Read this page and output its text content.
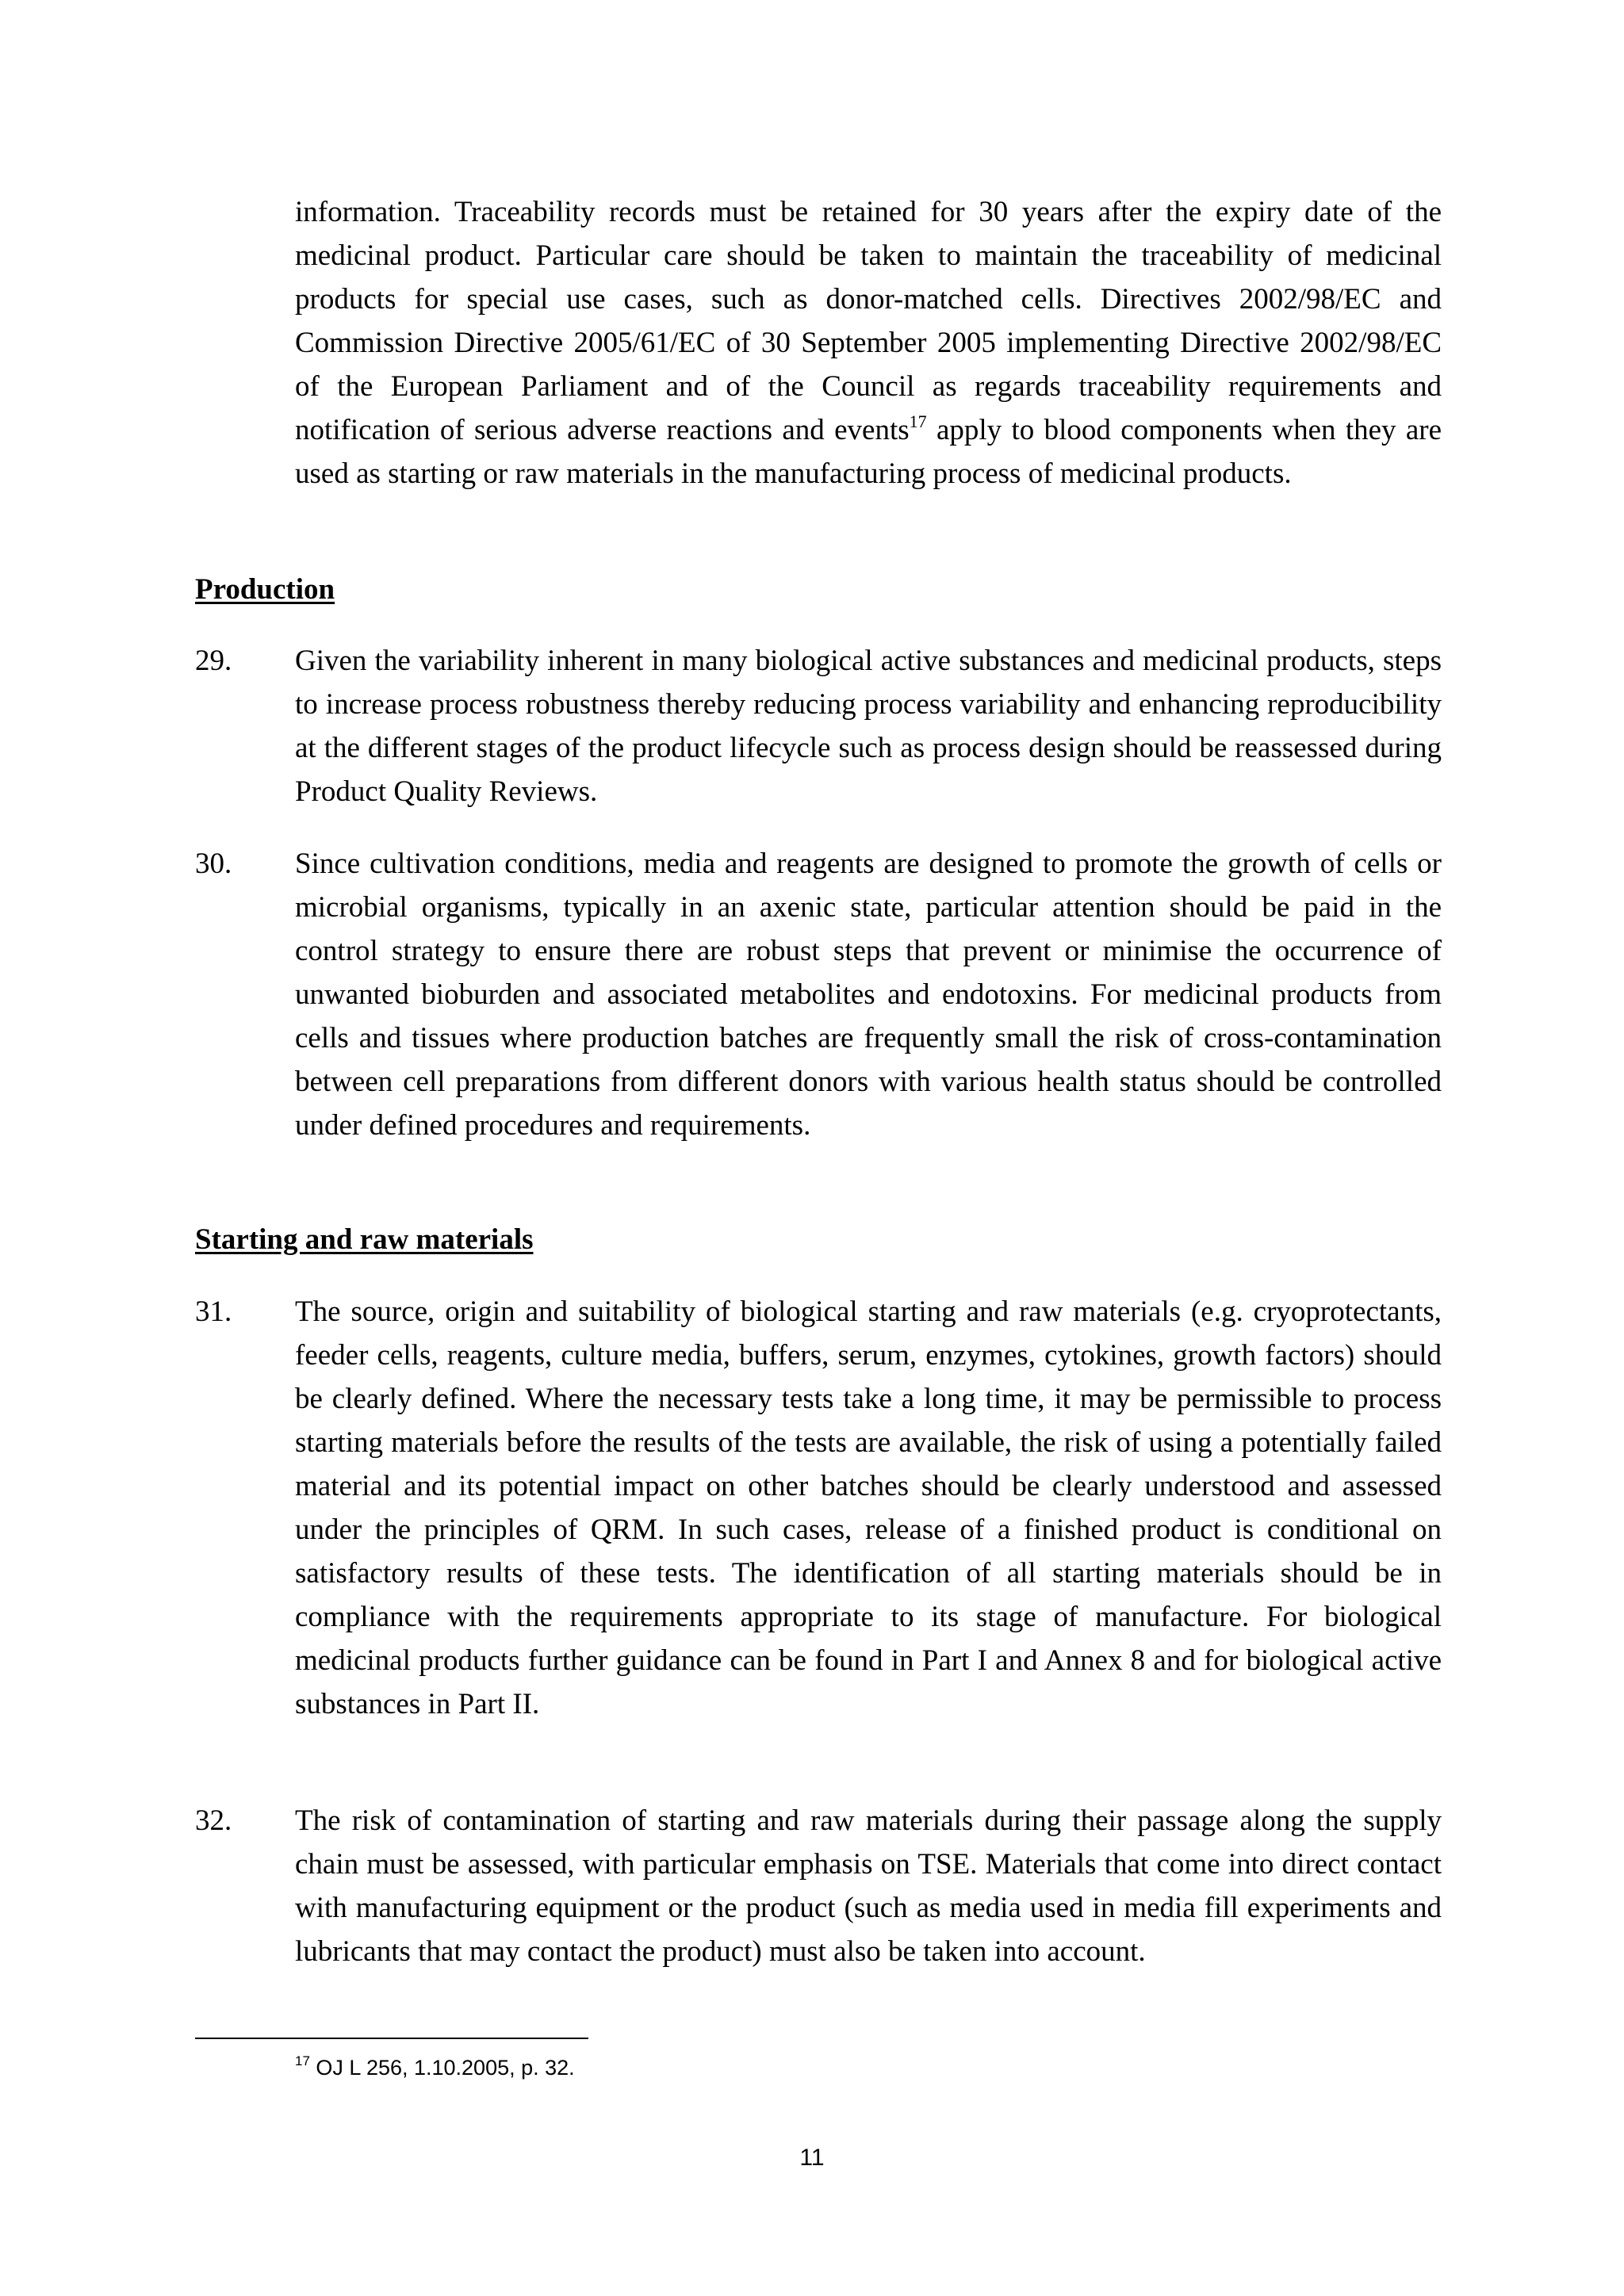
information. Traceability records must be retained for 30 years after the expiry date of the medicinal product. Particular care should be taken to maintain the traceability of medicinal products for special use cases, such as donor-matched cells. Directives 2002/98/EC and Commission Directive 2005/61/EC of 30 September 2005 implementing Directive 2002/98/EC of the European Parliament and of the Council as regards traceability requirements and notification of serious adverse reactions and events$^{17}$ apply to blood components when they are used as starting or raw materials in the manufacturing process of medicinal products.

Production

29. Given the variability inherent in many biological active substances and medicinal products, steps to increase process robustness thereby reducing process variability and enhancing reproducibility at the different stages of the product lifecycle such as process design should be reassessed during Product Quality Reviews.

30. Since cultivation conditions, media and reagents are designed to promote the growth of cells or microbial organisms, typically in an axenic state, particular attention should be paid in the control strategy to ensure there are robust steps that prevent or minimise the occurrence of unwanted bioburden and associated metabolites and endotoxins. For medicinal products from cells and tissues where production batches are frequently small the risk of cross-contamination between cell preparations from different donors with various health status should be controlled under defined procedures and requirements.

Starting and raw materials

31. The source, origin and suitability of biological starting and raw materials (e.g. cryoprotectants, feeder cells, reagents, culture media, buffers, serum, enzymes, cytokines, growth factors) should be clearly defined. Where the necessary tests take a long time, it may be permissible to process starting materials before the results of the tests are available, the risk of using a potentially failed material and its potential impact on other batches should be clearly understood and assessed under the principles of QRM. In such cases, release of a finished product is conditional on satisfactory results of these tests. The identification of all starting materials should be in compliance with the requirements appropriate to its stage of manufacture. For biological medicinal products further guidance can be found in Part I and Annex 8 and for biological active substances in Part II.

32. The risk of contamination of starting and raw materials during their passage along the supply chain must be assessed, with particular emphasis on TSE. Materials that come into direct contact with manufacturing equipment or the product (such as media used in media fill experiments and lubricants that may contact the product) must also be taken into account.

$^{17}$ OJ L 256, 1.10.2005, p. 32.

11
